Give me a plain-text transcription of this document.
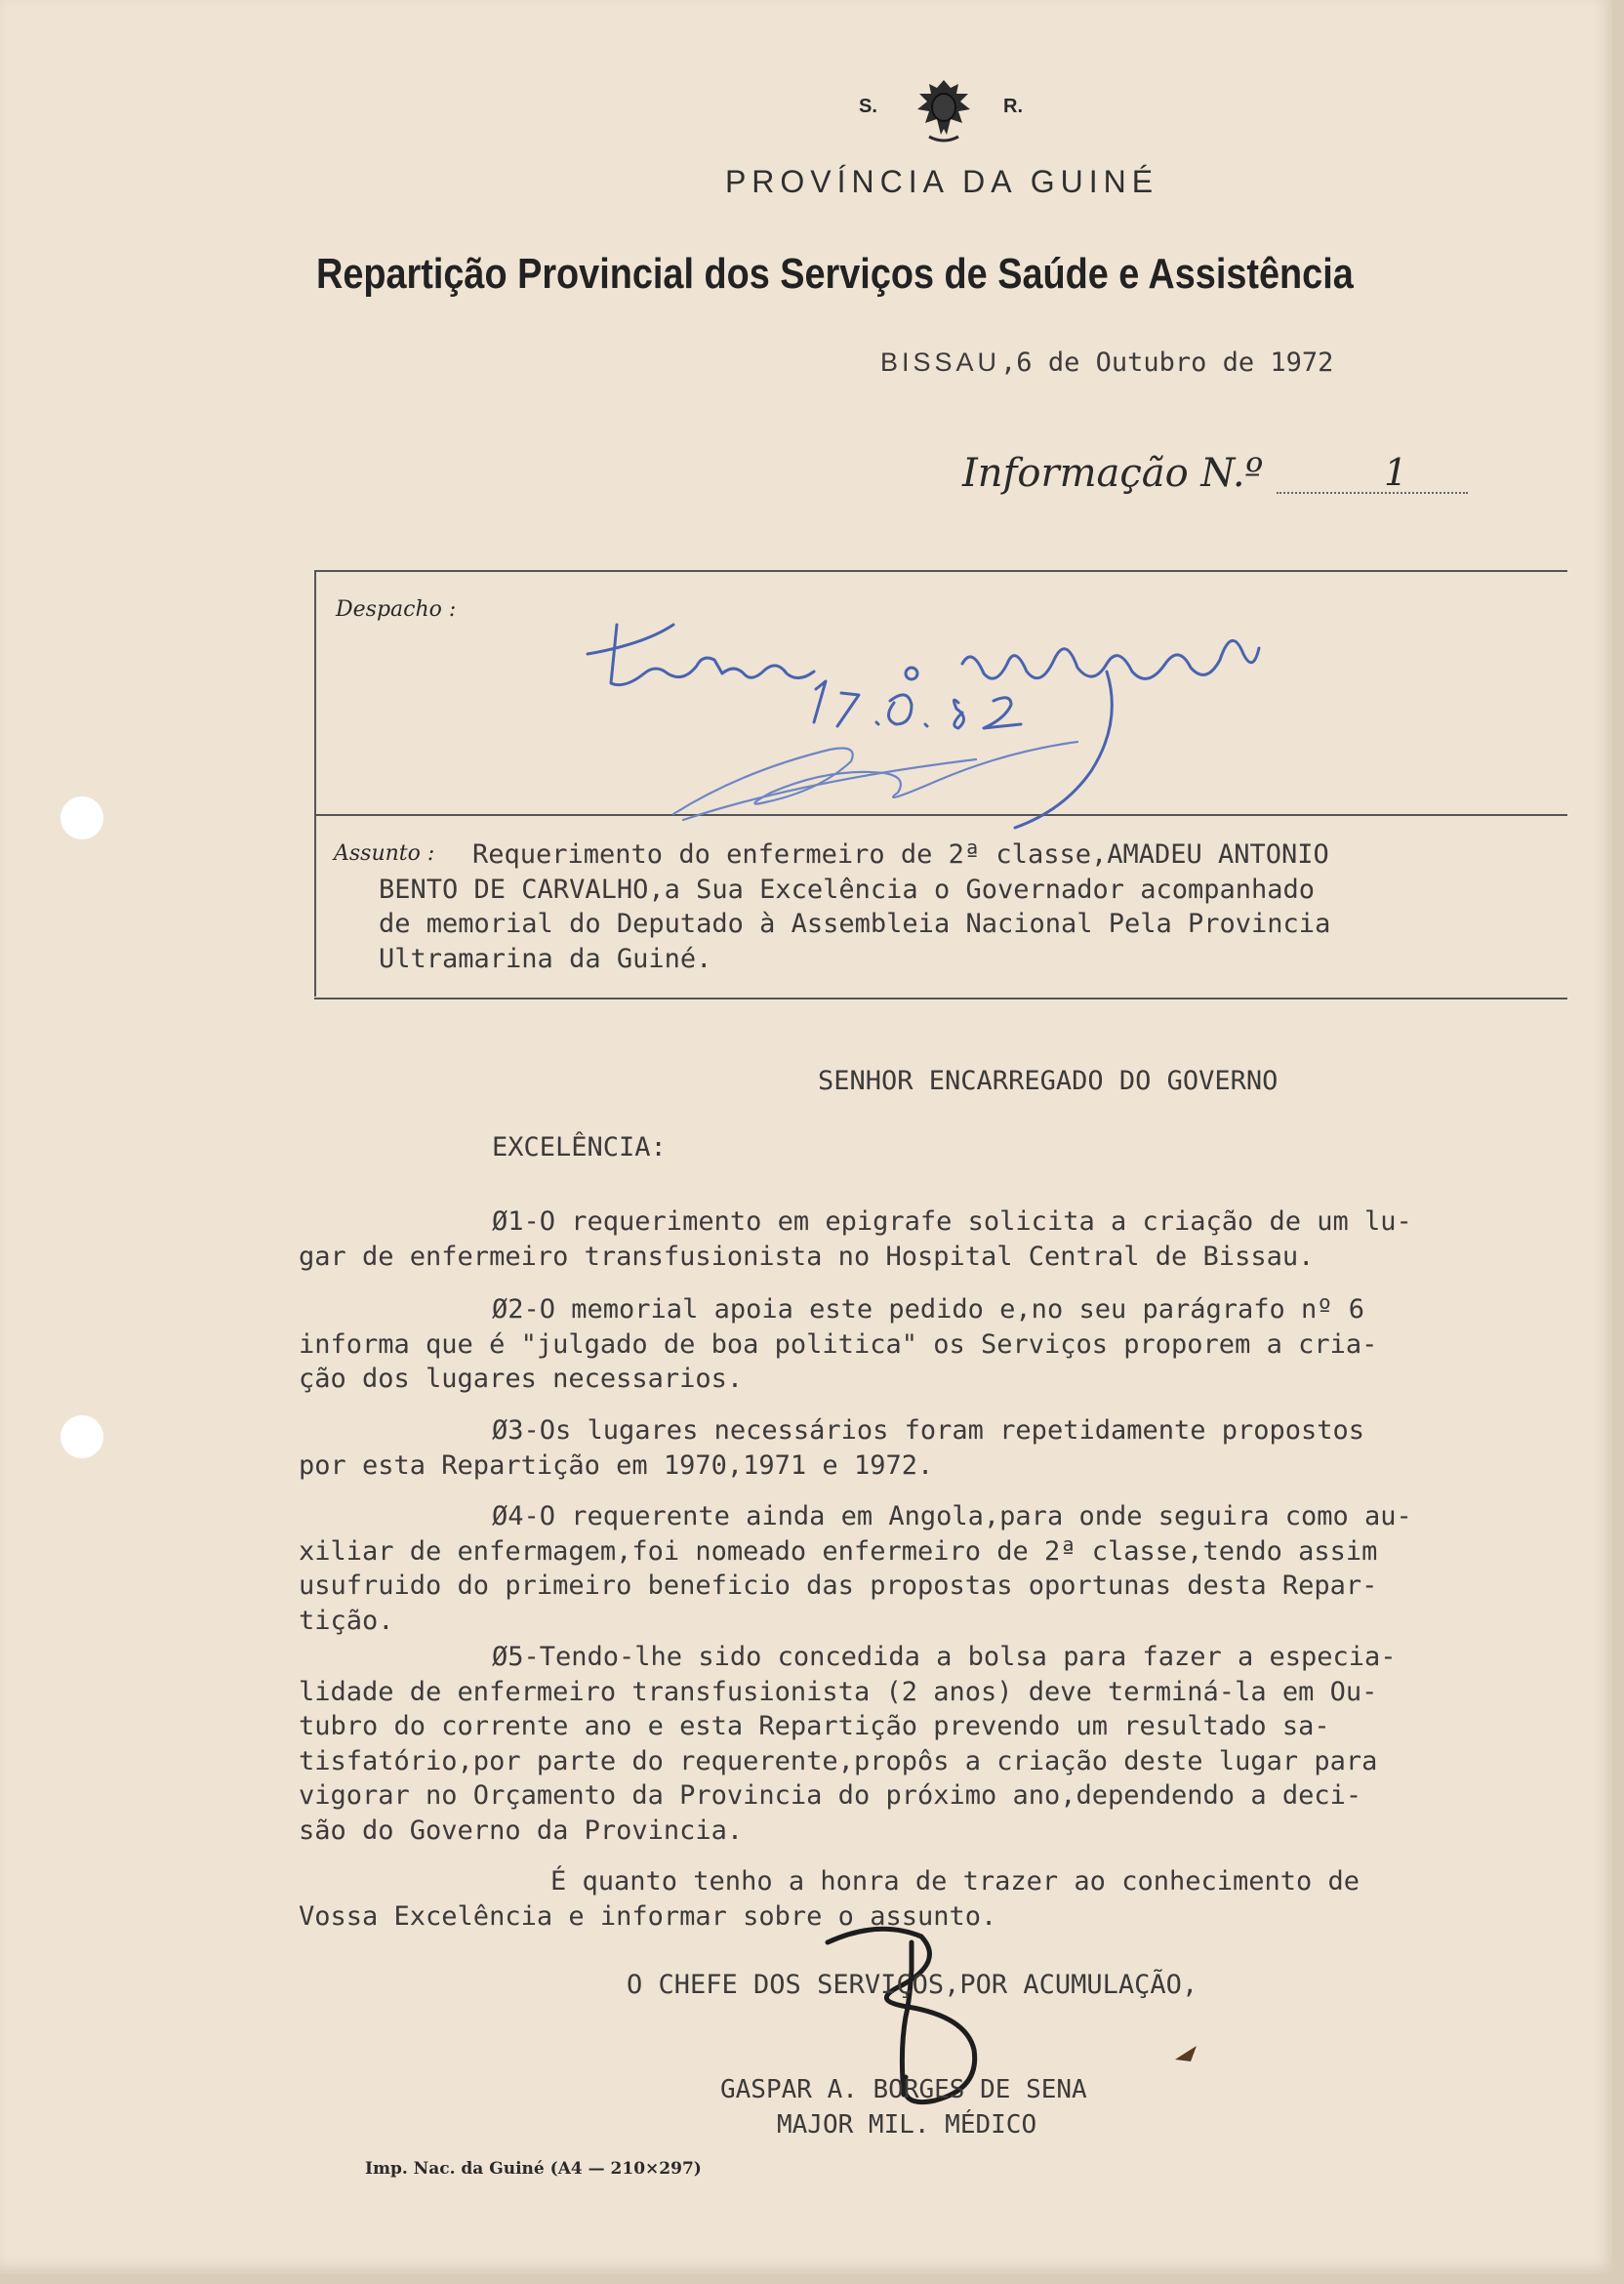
S.	R.
PROVÍNCIA DA GUINÉ
Repartição Provincial dos Serviços de Saúde e Assistência
BISSAU,6 de Outubro de 1972
Informação N.º	1
Despacho :
Assunto :	Requerimento do enfermeiro de 2ª classe,AMADEU ANTONIO
BENTO DE CARVALHO,a Sua Excelência o Governador acompanhado
de memorial do Deputado à Assembleia Nacional Pela Provincia
Ultramarina da Guiné.
SENHOR ENCARREGADO DO GOVERNO
EXCELÊNCIA:
Ø1-O requerimento em epigrafe solicita a criação de um lu-
gar de enfermeiro transfusionista no Hospital Central de Bissau.
Ø2-O memorial apoia este pedido e,no seu parágrafo nº 6
informa que é "julgado de boa politica" os Serviços proporem a cria-
ção dos lugares necessarios.
Ø3-Os lugares necessários foram repetidamente propostos
por esta Repartição em 1970,1971 e 1972.
Ø4-O requerente ainda em Angola,para onde seguira como au-
xiliar de enfermagem,foi nomeado enfermeiro de 2ª classe,tendo assim
usufruido do primeiro beneficio das propostas oportunas desta Repar-
tição.
Ø5-Tendo-lhe sido concedida a bolsa para fazer a especia-
lidade de enfermeiro transfusionista (2 anos) deve terminá-la em Ou-
tubro do corrente ano e esta Repartição prevendo um resultado sa-
tisfatório,por parte do requerente,propôs a criação deste lugar para
vigorar no Orçamento da Provincia do próximo ano,dependendo a deci-
são do Governo da Provincia.
É quanto tenho a honra de trazer ao conhecimento de
Vossa Excelência e informar sobre o assunto.
O CHEFE DOS SERVIÇOS,POR ACUMULAÇÃO,
GASPAR A. BORGES DE SENA
MAJOR MIL. MÉDICO
Imp. Nac. da Guiné (A4 — 210×297)
